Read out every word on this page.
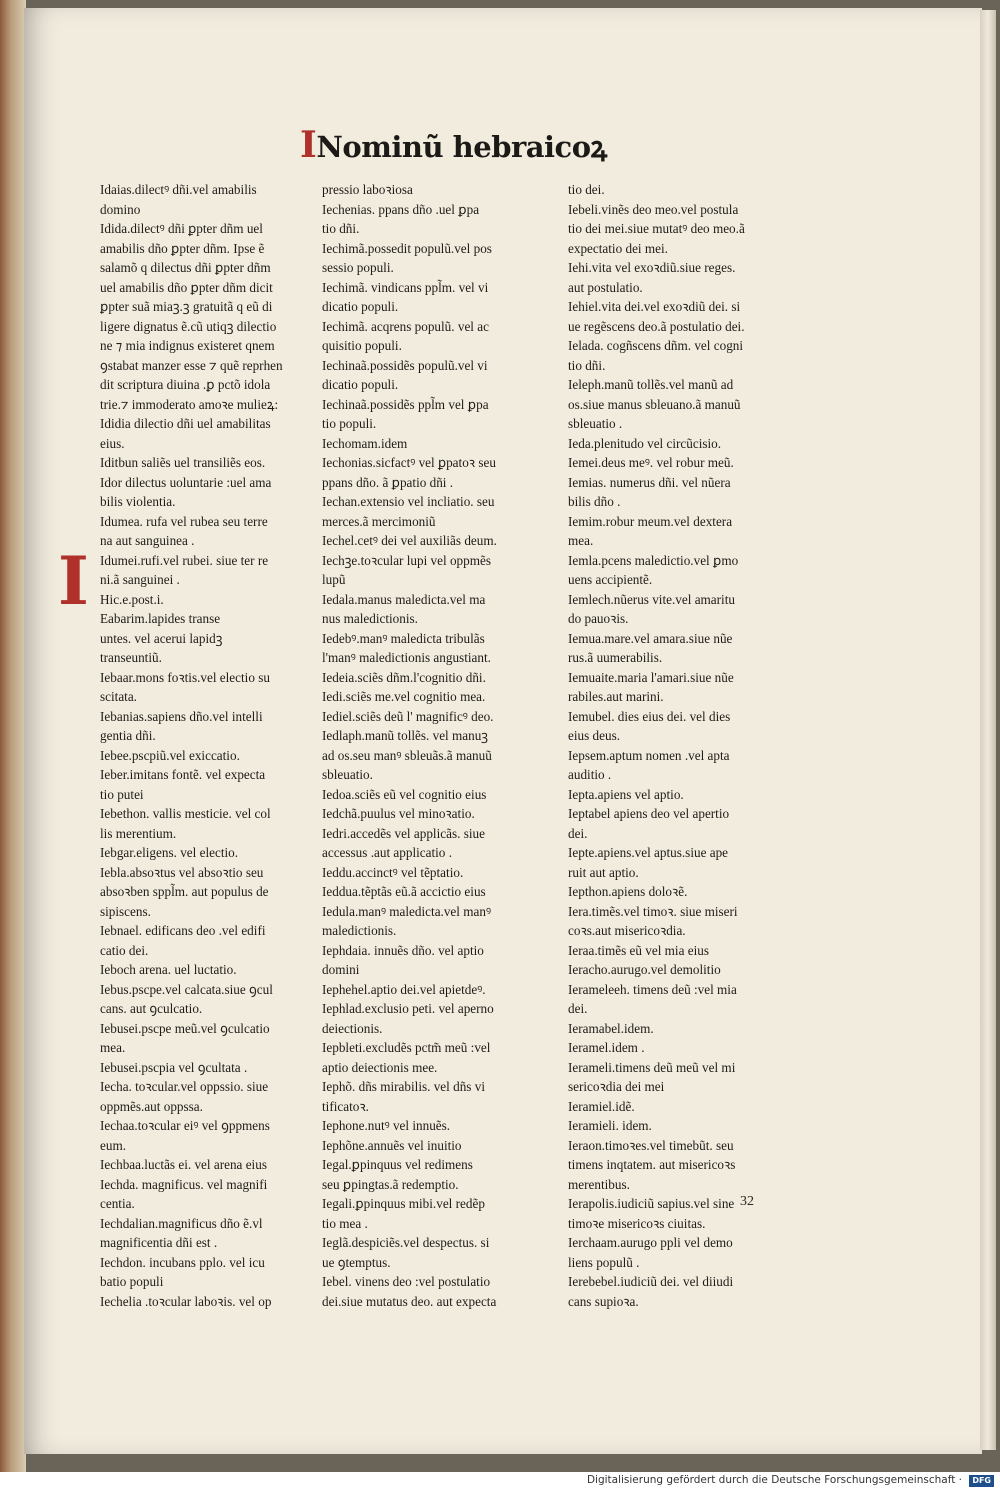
INominũ hebraicoꝝ
I
Idaias.dilectꝰ dñi.vel amabilis
domino
Idida.dilectꝰ dñi ꝑpter dñm uel
amabilis dño ꝑpter dñm. Ipse ẽ
salamõ q dilectus dñi ꝑpter dñm
uel amabilis dño ꝑpter dñm dicit
ꝑpter suã miaꝫ.ꝫ gratuitã q eũ di
ligere dignatus ẽ.cũ utiqꝫ dilectio
ne ⁊ mia indignus existeret qnem
ꝯstabat manzer esse ⁊ quẽ reprhen
dit scriptura diuina .ꝑ pctõ idola
trie.⁊ immoderato amoꝛe mulieꝝ:
Ididia dilectio dñi uel amabilitas
eius.
Iditbun saliẽs uel transiliẽs eos.
Idor dilectus uoluntarie :uel ama
bilis violentia.
Idumea. rufa vel rubea seu terre
na aut sanguinea .
Idumei.rufi.vel rubei. siue ter re
ni.ã sanguinei .
Hic.e.post.i.
Eabarim.lapides transe
untes. vel acerui lapidꝫ
transeuntiũ.
Iebaar.mons foꝛtis.vel electio su
scitata.
Iebanias.sapiens dño.vel intelli
gentia dñi.
Iebee.pscpiũ.vel exiccatio.
Ieber.imitans fontẽ. vel expecta
tio putei
Iebethon. vallis mesticie. vel col
lis merentium.
Iebgar.eligens. vel electio.
Iebla.absoꝛtus vel absoꝛtio seu
absoꝛben sppl̃m. aut populus de
sipiscens.
Iebnael. edificans deo .vel edifi
catio dei.
Ieboch arena. uel luctatio.
Iebus.pscpe.vel calcata.siue ꝯcul
cans. aut ꝯculcatio.
Iebusei.pscpe meũ.vel ꝯculcatio
mea.
Iebusei.pscpia vel ꝯcultata .
Iecha. toꝛcular.vel oppssio. siue
oppmẽs.aut oppssa.
Iechaa.toꝛcular eiꝰ vel ꝯppmens
eum.
Iechbaa.luctãs ei. vel arena eius
Iechda. magnificus. vel magnifi
centia.
Iechdalian.magnificus dño ẽ.vl
magnificentia dñi est .
Iechdon. incubans pplo. vel icu
batio populi
Iechelia .toꝛcular laboꝛis. vel op
pressio laboꝛiosa
Iechenias. ppans dño .uel ꝑpa
tio dñi.
Iechimã.possedit populũ.vel pos
sessio populi.
Iechimã. vindicans ppl̃m. vel vi
dicatio populi.
Iechimã. acqrens populũ. vel ac
quisitio populi.
Iechinaã.possidẽs populũ.vel vi
dicatio populi.
Iechinaã.possidẽs ppl̃m vel ꝑpa
tio populi.
Iechomam.idem
Iechonias.sicfactꝰ vel ꝑpatoꝛ seu
ppans dño. ã ꝑpatio dñi .
Iechan.extensio vel incliatio. seu
merces.ã mercimoniũ
Iechel.cetꝰ dei vel auxiliãs deum.
Iechꝫe.toꝛcular lupi vel oppmẽs
lupũ
Iedala.manus maledicta.vel ma
nus maledictionis.
Iedebꝰ.manꝰ maledicta tribulãs
l'manꝰ maledictionis angustiant.
Iedeia.sciẽs dñm.l'cognitio dñi.
Iedi.sciẽs me.vel cognitio mea.
Iediel.sciẽs deũ l' magnificꝰ deo.
Iedlaph.manũ tollẽs. vel manuꝫ
ad os.seu manꝰ sbleuãs.ã manuũ
sbleuatio.
Iedoa.sciẽs eũ vel cognitio eius
Iedchã.puulus vel minoꝛatio.
Iedri.accedẽs vel applicãs. siue
accessus .aut applicatio .
Ieddu.accinctꝰ vel tẽptatio.
Ieddua.tẽptãs eũ.ã accictio eius
Iedula.manꝰ maledicta.vel manꝰ
maledictionis.
Iephdaia. innuẽs dño. vel aptio
domini
Iephehel.aptio dei.vel apietdeꝰ.
Iephlad.exclusio peti. vel aperno
deiectionis.
Iepbleti.excludẽs pctm̃ meũ :vel
aptio deiectionis mee.
Iephõ. dñs mirabilis. vel dñs vi
tificatoꝛ.
Iephone.nutꝰ vel innuẽs.
Iephõne.annuẽs vel inuitio
Iegal.ꝑpinquus vel redimens
seu ꝑpingtas.ã redemptio.
Iegali.ꝑpinquus mibi.vel redẽp
tio mea .
Ieglã.despiciẽs.vel despectus. si
ue ꝯtemptus.
Iebel. vinens deo :vel postulatio
dei.siue mutatus deo. aut expecta
tio dei.
Iebeli.vinẽs deo meo.vel postula
tio dei mei.siue mutatꝰ deo meo.ã
expectatio dei mei.
Iehi.vita vel exoꝛdiũ.siue reges.
aut postulatio.
Iehiel.vita dei.vel exoꝛdiũ dei. si
ue regẽscens deo.ã postulatio dei.
Ielada. cogñscens dñm. vel cogni
tio dñi.
Ieleph.manũ tollẽs.vel manũ ad
os.siue manus sbleuano.ã manuũ
sbleuatio .
Ieda.plenitudo vel circũcisio.
Iemei.deus meꝰ. vel robur meũ.
Iemias. numerus dñi. vel nũera
bilis dño .
Iemim.robur meum.vel dextera
mea.
Iemla.pcens maledictio.vel ꝑmo
uens accipientẽ.
Iemlech.nũerus vite.vel amaritu
do pauoꝛis.
Iemua.mare.vel amara.siue nũe
rus.ã uumerabilis.
Iemuaite.maria l'amari.siue nũe
rabiles.aut marini.
Iemubel. dies eius dei. vel dies
eius deus.
Iepsem.aptum nomen .vel apta
auditio .
Iepta.apiens vel aptio.
Ieptabel apiens deo vel apertio
dei.
Iepte.apiens.vel aptus.siue ape
ruit aut aptio.
Iepthon.apiens doloꝛẽ.
Iera.timẽs.vel timoꝛ. siue miseri
coꝛs.aut misericoꝛdia.
Ieraa.timẽs eũ vel mia eius
Ieracho.aurugo.vel demolitio
Ierameleeh. timens deũ :vel mia
dei.
Ieramabel.idem.
Ieramel.idem .
Ierameli.timens deũ meũ vel mi
sericoꝛdia dei mei
Ieramiel.idẽ.
Ieramieli. idem.
Ieraon.timoꝛes.vel timebũt. seu
timens inqtatem. aut misericoꝛs
merentibus.
Ierapolis.iudiciũ sapius.vel sine
timoꝛe misericoꝛs ciuitas.
Ierchaam.aurugo ppli vel demo
liens populũ .
Ierebebel.iudiciũ dei. vel diiudi
cans supioꝛa.
32
Digitalisierung gefördert durch die Deutsche Forschungsgemeinschaft ·	DFG
